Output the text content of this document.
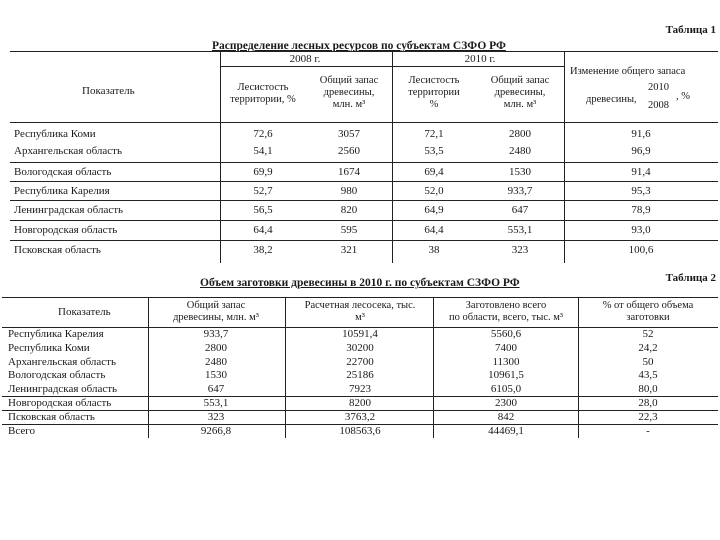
Таблица 1
Распределение лесных ресурсов по субъектам СЗФО РФ
Показатель
2008 г.	2010 г.
Лесистость
территории, %
Общий запас
древесины,
млн. м³
Лесистость
территории
%
Общий запас
древесины,
млн. м³
Изменение общего запаса
древесины,
2010
2008
, %
Республика Коми	72,6	3057	72,1	2800	91,6
Архангельская область	54,1	2560	53,5	2480	96,9
Вологодская область	69,9	1674	69,4	1530	91,4
Республика Карелия	52,7	980	52,0	933,7	95,3
Ленинградская область	56,5	820	64,9	647	78,9
Новгородская область	64,4	595	64,4	553,1	93,0
Псковская область	38,2	321	38	323	100,6
Таблица 2
Объем заготовки древесины в 2010 г. по субъектам СЗФО РФ
Показатель
Общий запас
древесины, млн. м³
Расчетная лесосека, тыс.
м³
Заготовлено всего
по области, всего, тыс. м³
% от общего объема
заготовки
Республика Карелия	933,7	10591,4	5560,6	52
Республика Коми	2800	30200	7400	24,2
Архангельская область	2480	22700	11300	50
Вологодская область	1530	25186	10961,5	43,5
Ленинградская область	647	7923	6105,0	80,0
Новгородская область	553,1	8200	2300	28,0
Псковская область	323	3763,2	842	22,3
Всего	9266,8	108563,6	44469,1	-
